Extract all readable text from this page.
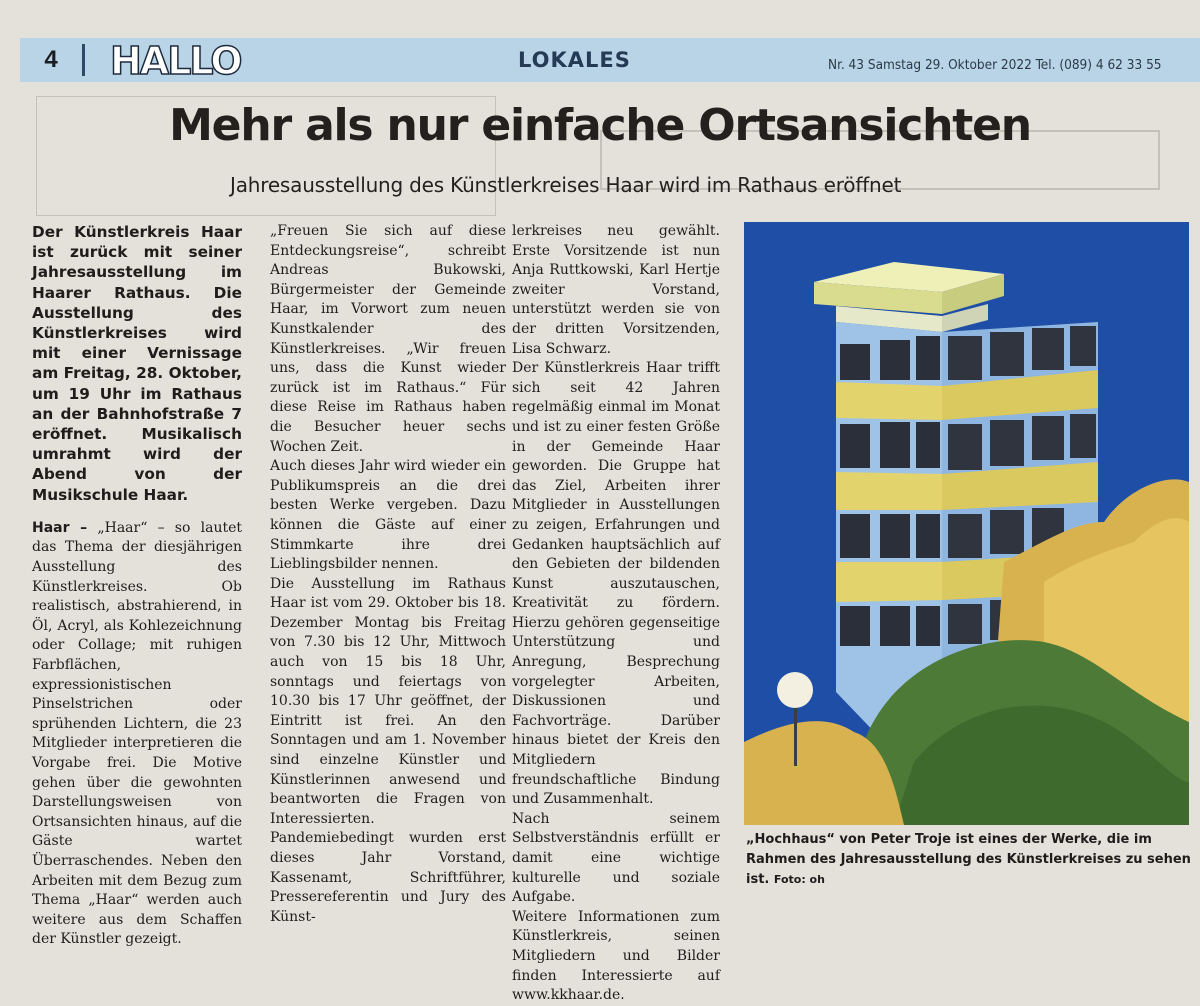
4	HALLO	LOKALES	Nr. 43 Samstag 29. Oktober 2022 Tel. (089) 4 62 33 55
Mehr als nur einfache Ortsansichten
Jahresausstellung des Künstlerkreises Haar wird im Rathaus eröffnet

Der Künstlerkreis Haar ist zurück mit seiner Jahresausstellung im Haarer Rathaus. Die Ausstellung des Künstlerkreises wird mit einer Vernissage am Freitag, 28. Oktober, um 19 Uhr im Rathaus an der Bahnhofstraße 7 eröffnet. Musikalisch umrahmt wird der Abend von der Musikschule Haar.

Haar – „Haar“ – so lautet das Thema der diesjährigen Ausstellung des Künstlerkreises. Ob realistisch, abstrahierend, in Öl, Acryl, als Kohlezeichnung oder Collage; mit ruhigen Farbflächen, expressionistischen Pinselstrichen oder sprühenden Lichtern, die 23 Mitglieder interpretieren die Vorgabe frei. Die Motive gehen über die gewohnten Darstellungsweisen von Ortsansichten hinaus, auf die Gäste wartet Überraschendes. Neben den Arbeiten mit dem Bezug zum Thema „Haar“ werden auch weitere aus dem Schaffen der Künstler gezeigt.

„Freuen Sie sich auf diese Entdeckungsreise“, schreibt Andreas Bukowski, Bürgermeister der Gemeinde Haar, im Vorwort zum neuen Kunstkalender des Künstlerkreises. „Wir freuen uns, dass die Kunst wieder zurück ist im Rathaus.“ Für diese Reise im Rathaus haben die Besucher heuer sechs Wochen Zeit.

Auch dieses Jahr wird wieder ein Publikumspreis an die drei besten Werke vergeben. Dazu können die Gäste auf einer Stimmkarte ihre drei Lieblingsbilder nennen.

Die Ausstellung im Rathaus Haar ist vom 29. Oktober bis 18. Dezember Montag bis Freitag von 7.30 bis 12 Uhr, Mittwoch auch von 15 bis 18 Uhr, sonntags und feiertags von 10.30 bis 17 Uhr geöffnet, der Eintritt ist frei. An den Sonntagen und am 1. November sind einzelne Künstler und Künstlerinnen anwesend und beantworten die Fragen von Interessierten.

Pandemiebedingt wurden erst dieses Jahr Vorstand, Kassenamt, Schriftführer, Pressereferentin und Jury des Künst-

lerkreises neu gewählt. Erste Vorsitzende ist nun Anja Ruttkowski, Karl Hertje zweiter Vorstand, unterstützt werden sie von der dritten Vorsitzenden, Lisa Schwarz.

Der Künstlerkreis Haar trifft sich seit 42 Jahren regelmäßig einmal im Monat und ist zu einer festen Größe in der Gemeinde Haar geworden. Die Gruppe hat das Ziel, Arbeiten ihrer Mitglieder in Ausstellungen zu zeigen, Erfahrungen und Gedanken hauptsächlich auf den Gebieten der bildenden Kunst auszutauschen, Kreativität zu fördern. Hierzu gehören gegenseitige Unterstützung und Anregung, Besprechung vorgelegter Arbeiten, Diskussionen und Fachvorträge. Darüber hinaus bietet der Kreis den Mitgliedern freundschaftliche Bindung und Zusammenhalt.

Nach seinem Selbstverständnis erfüllt er damit eine wichtige kulturelle und soziale Aufgabe.

Weitere Informationen zum Künstlerkreis, seinen Mitgliedern und Bilder finden Interessierte auf www.kkhaar.de.

„Hochhaus“ von Peter Troje ist eines der Werke, die im Rahmen des Jahresausstellung des Künstlerkreises zu sehen ist. Foto: oh
